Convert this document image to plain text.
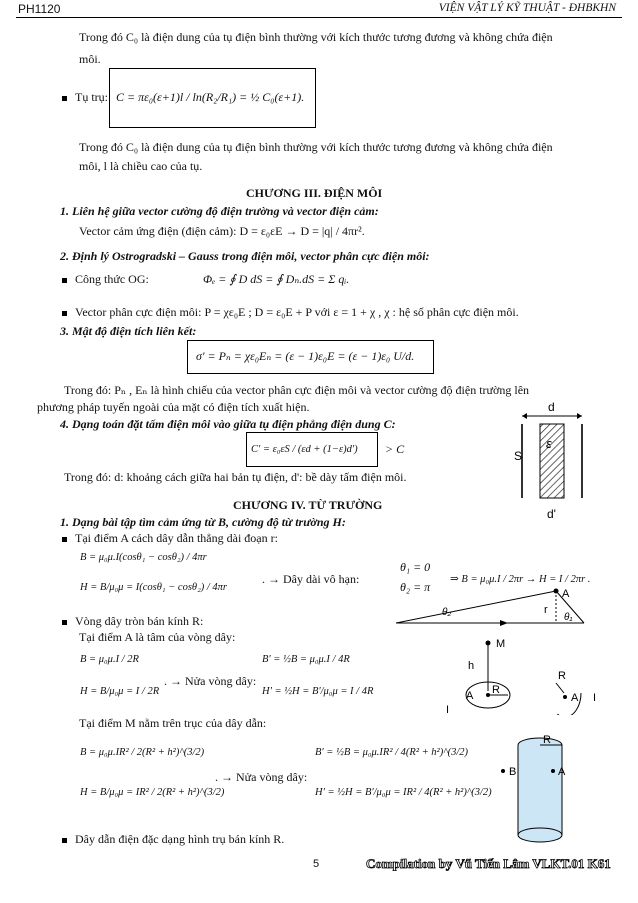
PH1120	VIỆN VẬT LÝ KỸ THUẬT - ĐHBKHN
Trong đó C₀ là điện dung của tụ điện bình thường với kích thước tương đương và không chứa điện
môi.
Tụ trụ: C = πε₀(ε+1)l / ln(R₂/R₁) = ½ C₀(ε+1).
Trong đó C₀ là điện dung của tụ điện bình thường với kích thước tương đương và không chứa điện
môi, l là chiều cao của tụ.
CHƯƠNG III. ĐIỆN MÔI
1. Liên hệ giữa vector cường độ điện trường và vector điện cảm:
Vector cảm ứng điện (điện cảm): D = ε₀εE → D = |q| / 4πr².
2. Định lý Ostrogradski – Gauss trong điện môi, vector phân cực điện môi:
Công thức OG:	Φₑ = ∮ D dS = ∮ Dₙ.dS = Σ qᵢ.
Vector phân cực điện môi: P = χε₀E ; D = ε₀E + P với ε = 1 + χ , χ : hệ số phân cực điện môi.
3. Mật độ điện tích liên kết:
σ' = Pₙ = χε₀Eₙ = (ε − 1)ε₀E = (ε − 1)ε₀ U/d.
Trong đó: Pₙ , Eₙ là hình chiếu của vector phân cực điện môi và vector cường độ điện trường lên
phương pháp tuyến ngoài của mặt có điện tích xuất hiện.
4. Dạng toán đặt tấm điện môi vào giữa tụ điện phẳng điện dung C:
C' = ε₀εS / (εd + (1−ε)d') > C
Trong đó: d: khoảng cách giữa hai bản tụ điện, d': bề dày tấm điện môi.
d
ε
S
d'
CHƯƠNG IV. TỪ TRƯỜNG
1. Dạng bài tập tìm cảm ứng từ B, cường độ từ trường H:
Tại điểm A cách dây dẫn thẳng dài đoạn r:
B = μ₀μ.I(cosθ₁ − cosθ₂) / 4πr
H = B/μ₀μ = I(cosθ₁ − cosθ₂) / 4πr
. → Dây dài vô hạn:
θ₁ = 0
θ₂ = π
⇒ B = μ₀μ.I / 2πr → H = I / 2πr .
A
r
θ₂	θ₁
Vòng dây tròn bán kính R:
Tại điểm A là tâm của vòng dây:
B = μ₀μ.I / 2R
H = B/μ₀μ = I / 2R
. → Nửa vòng dây:
B' = ½B = μ₀μ.I / 4R
H' = ½H = B'/μ₀μ = I / 4R
Tại điểm M nằm trên trục của dây dẫn:
B = μ₀μ.IR² / 2(R² + h²)^(3/2)
H = B/μ₀μ = IR² / 2(R² + h²)^(3/2)
. → Nửa vòng dây:
B' = ½B = μ₀μ.IR² / 4(R² + h²)^(3/2)
H' = ½H = B'/μ₀μ = IR² / 4(R² + h²)^(3/2)
M
h
A R
I
R
A I
R
B	A
Dây dẫn điện đặc dạng hình trụ bán kính R.
5	Compilation by Vũ Tiến Lâm VLKT.01 K61
